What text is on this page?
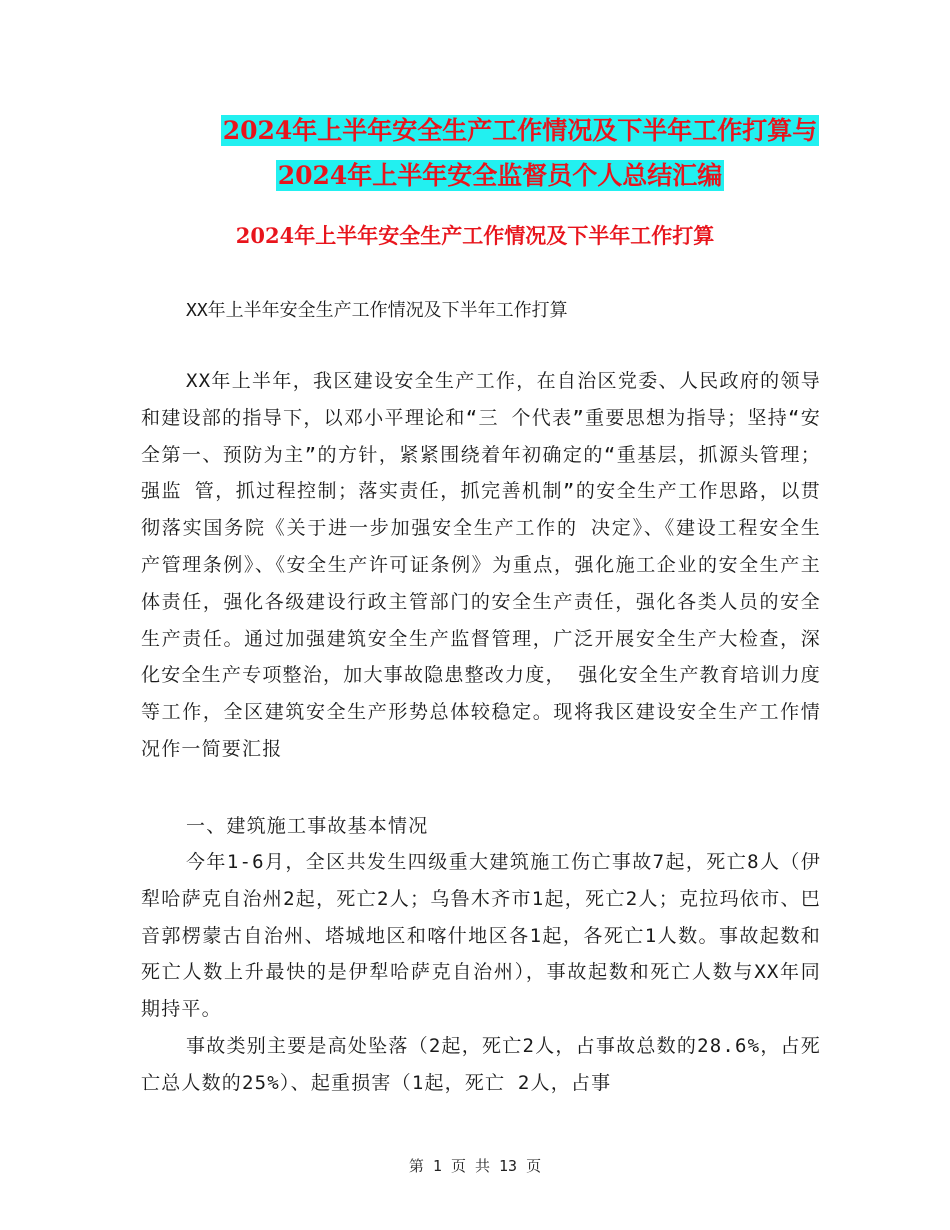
2024年上半年安全生产工作情况及下半年工作打算与
2024年上半年安全监督员个人总结汇编
2024年上半年安全生产工作情况及下半年工作打算
XX年上半年安全生产工作情况及下半年工作打算

XX年上半年，我区建设安全生产工作，在自治区党委、人民政府的领导和建设部的指导下，以邓小平理论和“三 个代表”重要思想为指导；坚持“安全第一、预防为主”的方针，紧紧围绕着年初确定的“重基层，抓源头管理；强监 管，抓过程控制；落实责任，抓完善机制”的安全生产工作思路，以贯彻落实国务院《关于进一步加强安全生产工作的 决定》、《建设工程安全生产管理条例》、《安全生产许可证条例》为重点，强化施工企业的安全生产主体责任，强化各级建设行政主管部门的安全生产责任，强化各类人员的安全生产责任。通过加强建筑安全生产监督管理，广泛开展安全生产大检查，深化安全生产专项整治，加大事故隐患整改力度， 强化安全生产教育培训力度等工作，全区建筑安全生产形势总体较稳定。现将我区建设安全生产工作情况作一简要汇报

一、建筑施工事故基本情况

今年1-6月，全区共发生四级重大建筑施工伤亡事故7起，死亡8人（伊犁哈萨克自治州2起，死亡2人；乌鲁木齐市1起，死亡2人；克拉玛依市、巴音郭楞蒙古自治州、塔城地区和喀什地区各1起，各死亡1人数。事故起数和死亡人数上升最快的是伊犁哈萨克自治州），事故起数和死亡人数与XX年同期持平。

事故类别主要是高处坠落（2起，死亡2人，占事故总数的28.6%，占死亡总人数的25%）、起重损害（1起，死亡 2人，占事

第 1 页 共 13 页
